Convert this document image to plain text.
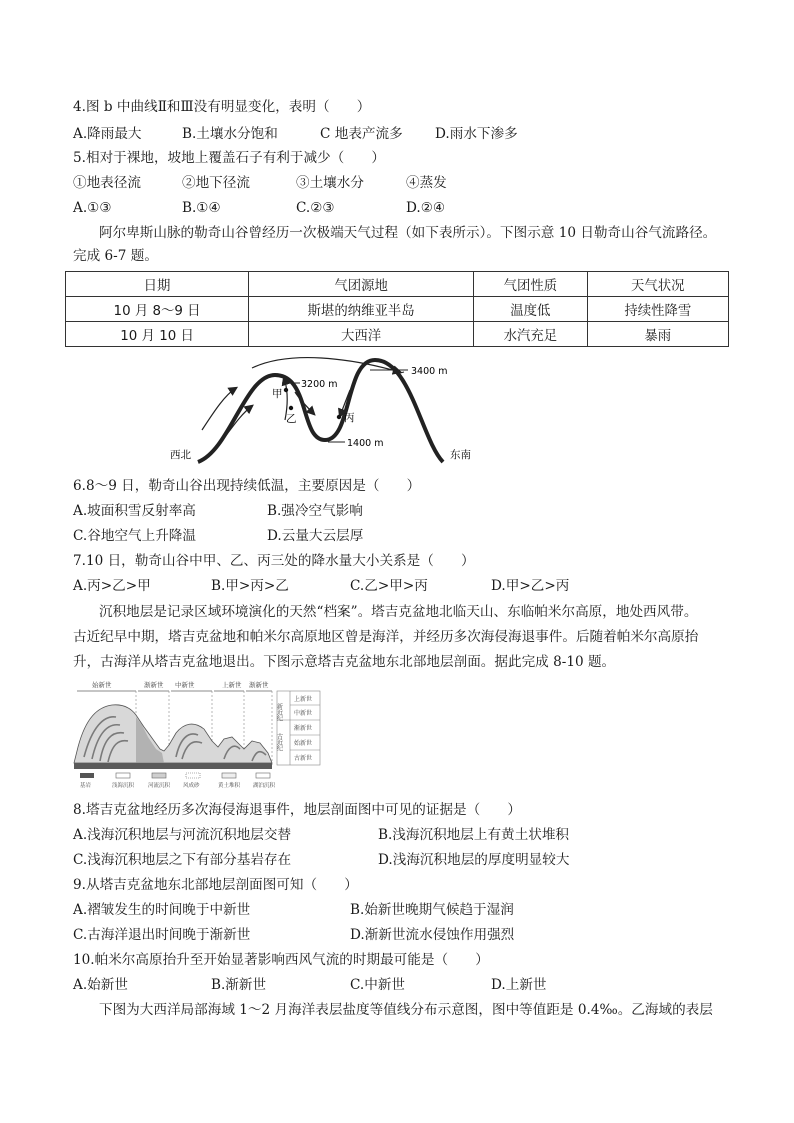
4.图 b 中曲线Ⅱ和Ⅲ没有明显变化，表明（　　）
A.降雨最大	B.土壤水分饱和	C 地表产流多 D.雨水下渗多
5.相对于裸地，坡地上覆盖石子有利于减少（　　）
①地表径流	②地下径流	③土壤水分	④蒸发
A.①③	B.①④	C.②③	D.②④
阿尔卑斯山脉的勒奇山谷曾经历一次极端天气过程（如下表所示）。下图示意 10 日勒奇山谷气流路径。
完成 6-7 题。
日期	气团源地	气团性质	天气状况
10 月 8～9 日	斯堪的纳维亚半岛	温度低	持续性降雪
10 月 10 日	大西洋	水汽充足	暴雨
3200 m
3400 m
1400 m
甲
乙	丙
西北	东南
6.8～9 日，勒奇山谷出现持续低温，主要原因是（　　）
A.坡面积雪反射率高	B.强冷空气影响
C.谷地空气上升降温	D.云量大云层厚
7.10 日，勒奇山谷中甲、乙、丙三处的降水量大小关系是（　　）
A.丙>乙>甲	B.甲>丙>乙	C.乙>甲>丙	D.甲>乙>丙
沉积地层是记录区域环境演化的天然“档案”。塔吉克盆地北临天山、东临帕米尔高原，地处西风带。
古近纪早中期，塔吉克盆地和帕米尔高原地区曾是海洋，并经历多次海侵海退事件。后随着帕米尔高原抬
升，古海洋从塔吉克盆地退出。下图示意塔吉克盆地东北部地层剖面。据此完成 8-10 题。
始新世	渐新世 中新世	上新世 渐新世
新近纪
古近纪
上新世
中新世
渐新世
始新世
古新世
基岩	浅海沉积	河流沉积 风成砂	黄土堆积 湖泊沉积
8.塔吉克盆地经历多次海侵海退事件，地层剖面图中可见的证据是（　　）
A.浅海沉积地层与河流沉积地层交替	B.浅海沉积地层上有黄土状堆积
C.浅海沉积地层之下有部分基岩存在	D.浅海沉积地层的厚度明显较大
9.从塔吉克盆地东北部地层剖面图可知（　　）
A.褶皱发生的时间晚于中新世	B.始新世晚期气候趋于湿润
C.古海洋退出时间晚于渐新世	D.渐新世流水侵蚀作用强烈
10.帕米尔高原抬升至开始显著影响西风气流的时期最可能是（　　）
A.始新世	B.渐新世	C.中新世	D.上新世
下图为大西洋局部海域 1～2 月海洋表层盐度等值线分布示意图，图中等值距是 0.4‰。乙海域的表层
